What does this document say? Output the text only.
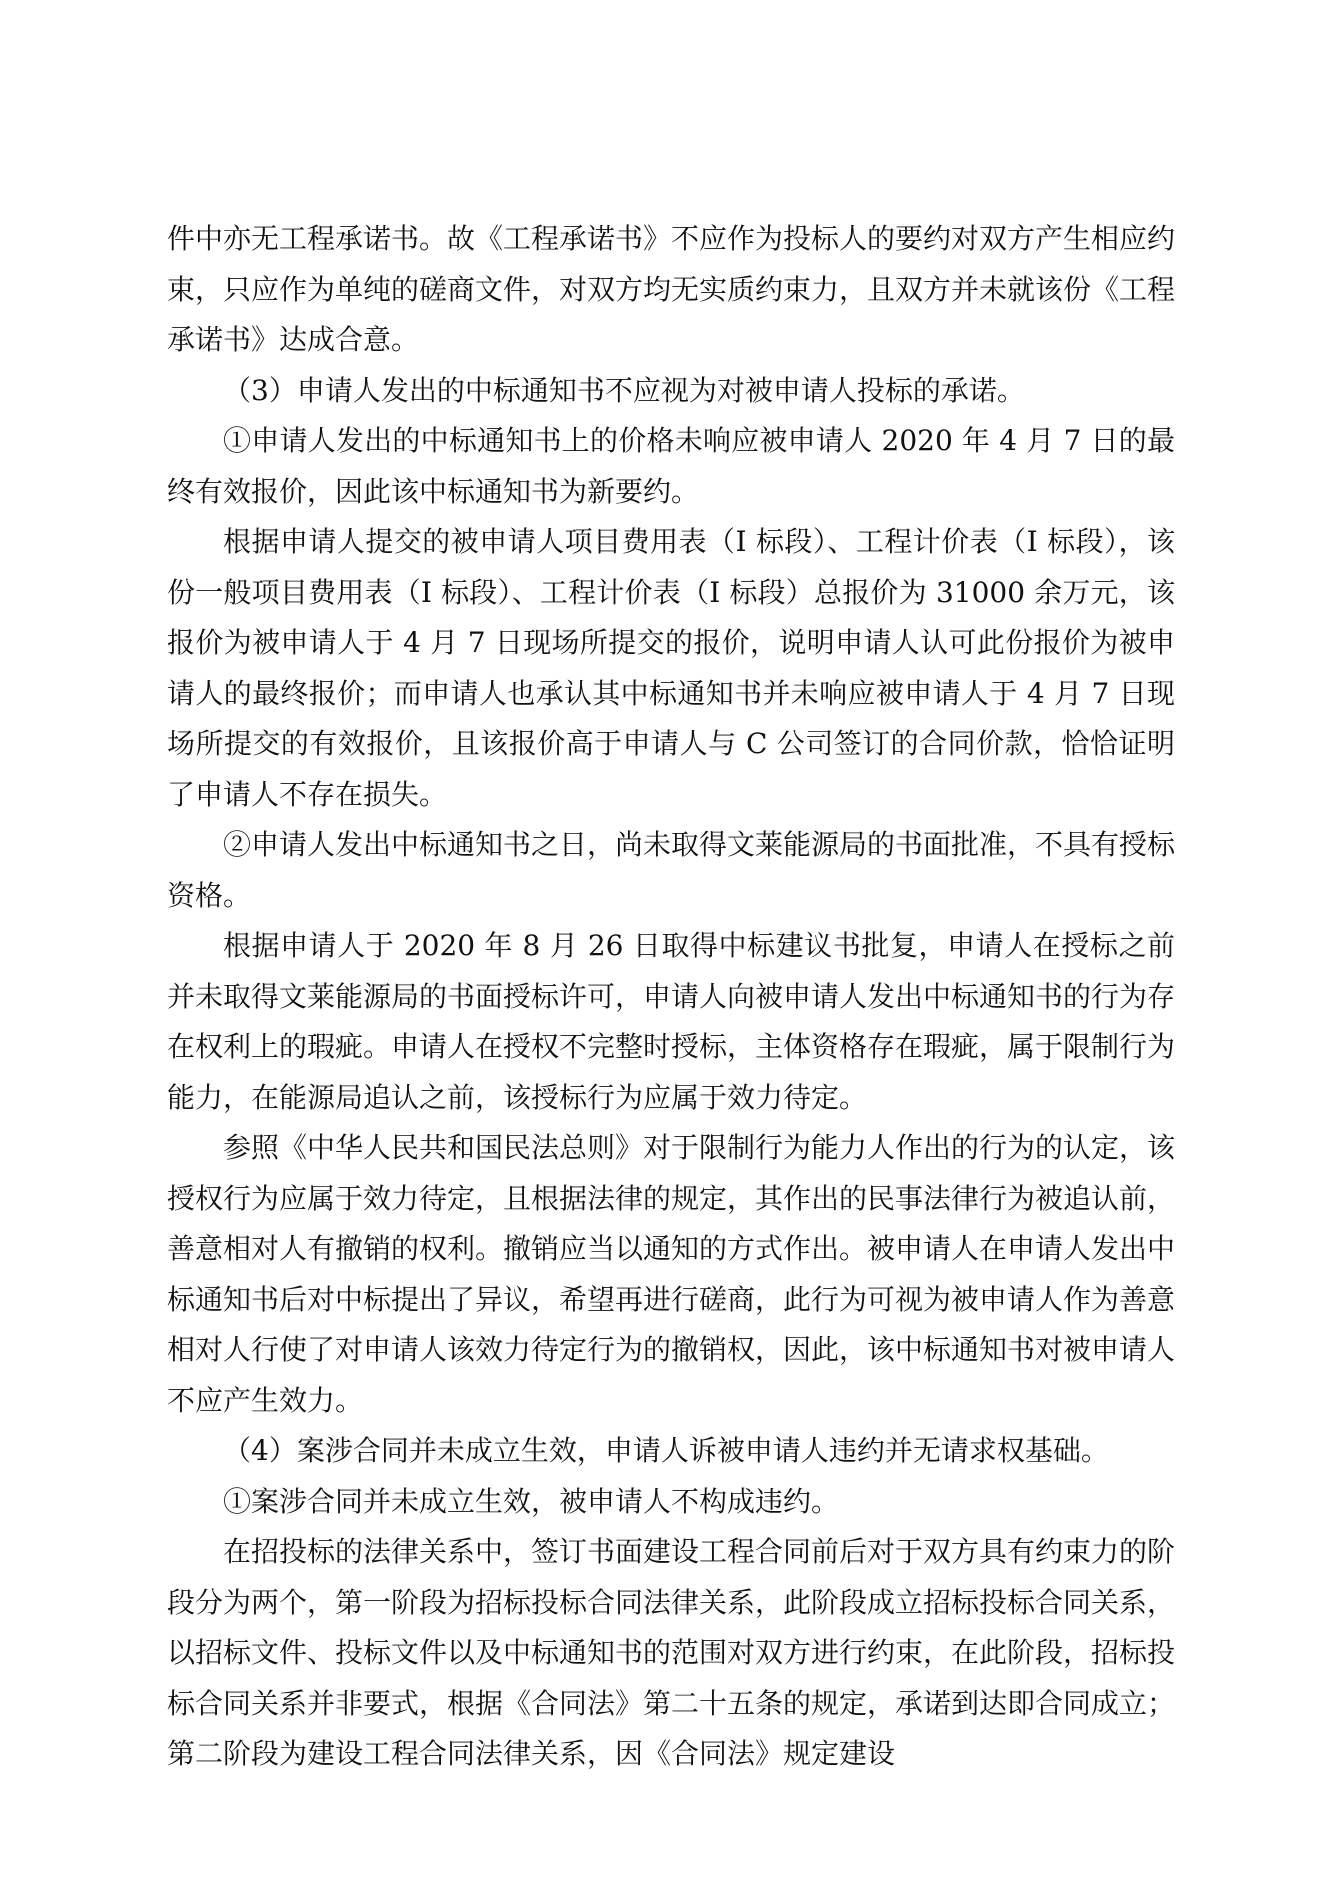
件中亦无工程承诺书。故《工程承诺书》不应作为投标人的要约对双方产生相应约束，只应作为单纯的磋商文件，对双方均无实质约束力，且双方并未就该份《工程承诺书》达成合意。

（3）申请人发出的中标通知书不应视为对被申请人投标的承诺。

①申请人发出的中标通知书上的价格未响应被申请人 2020 年 4 月 7 日的最终有效报价，因此该中标通知书为新要约。

根据申请人提交的被申请人项目费用表（I 标段）、工程计价表（I 标段），该份一般项目费用表（I 标段）、工程计价表（I 标段）总报价为 31000 余万元，该报价为被申请人于 4 月 7 日现场所提交的报价，说明申请人认可此份报价为被申请人的最终报价；而申请人也承认其中标通知书并未响应被申请人于 4 月 7 日现场所提交的有效报价，且该报价高于申请人与 C 公司签订的合同价款，恰恰证明了申请人不存在损失。

②申请人发出中标通知书之日，尚未取得文莱能源局的书面批准，不具有授标资格。

根据申请人于 2020 年 8 月 26 日取得中标建议书批复，申请人在授标之前并未取得文莱能源局的书面授标许可，申请人向被申请人发出中标通知书的行为存在权利上的瑕疵。申请人在授权不完整时授标，主体资格存在瑕疵，属于限制行为能力，在能源局追认之前，该授标行为应属于效力待定。

参照《中华人民共和国民法总则》对于限制行为能力人作出的行为的认定，该授权行为应属于效力待定，且根据法律的规定，其作出的民事法律行为被追认前，善意相对人有撤销的权利。撤销应当以通知的方式作出。被申请人在申请人发出中标通知书后对中标提出了异议，希望再进行磋商，此行为可视为被申请人作为善意相对人行使了对申请人该效力待定行为的撤销权，因此，该中标通知书对被申请人不应产生效力。

（4）案涉合同并未成立生效，申请人诉被申请人违约并无请求权基础。

①案涉合同并未成立生效，被申请人不构成违约。

在招投标的法律关系中，签订书面建设工程合同前后对于双方具有约束力的阶段分为两个，第一阶段为招标投标合同法律关系，此阶段成立招标投标合同关系，以招标文件、投标文件以及中标通知书的范围对双方进行约束，在此阶段，招标投标合同关系并非要式，根据《合同法》第二十五条的规定，承诺到达即合同成立；第二阶段为建设工程合同法律关系，因《合同法》规定建设
